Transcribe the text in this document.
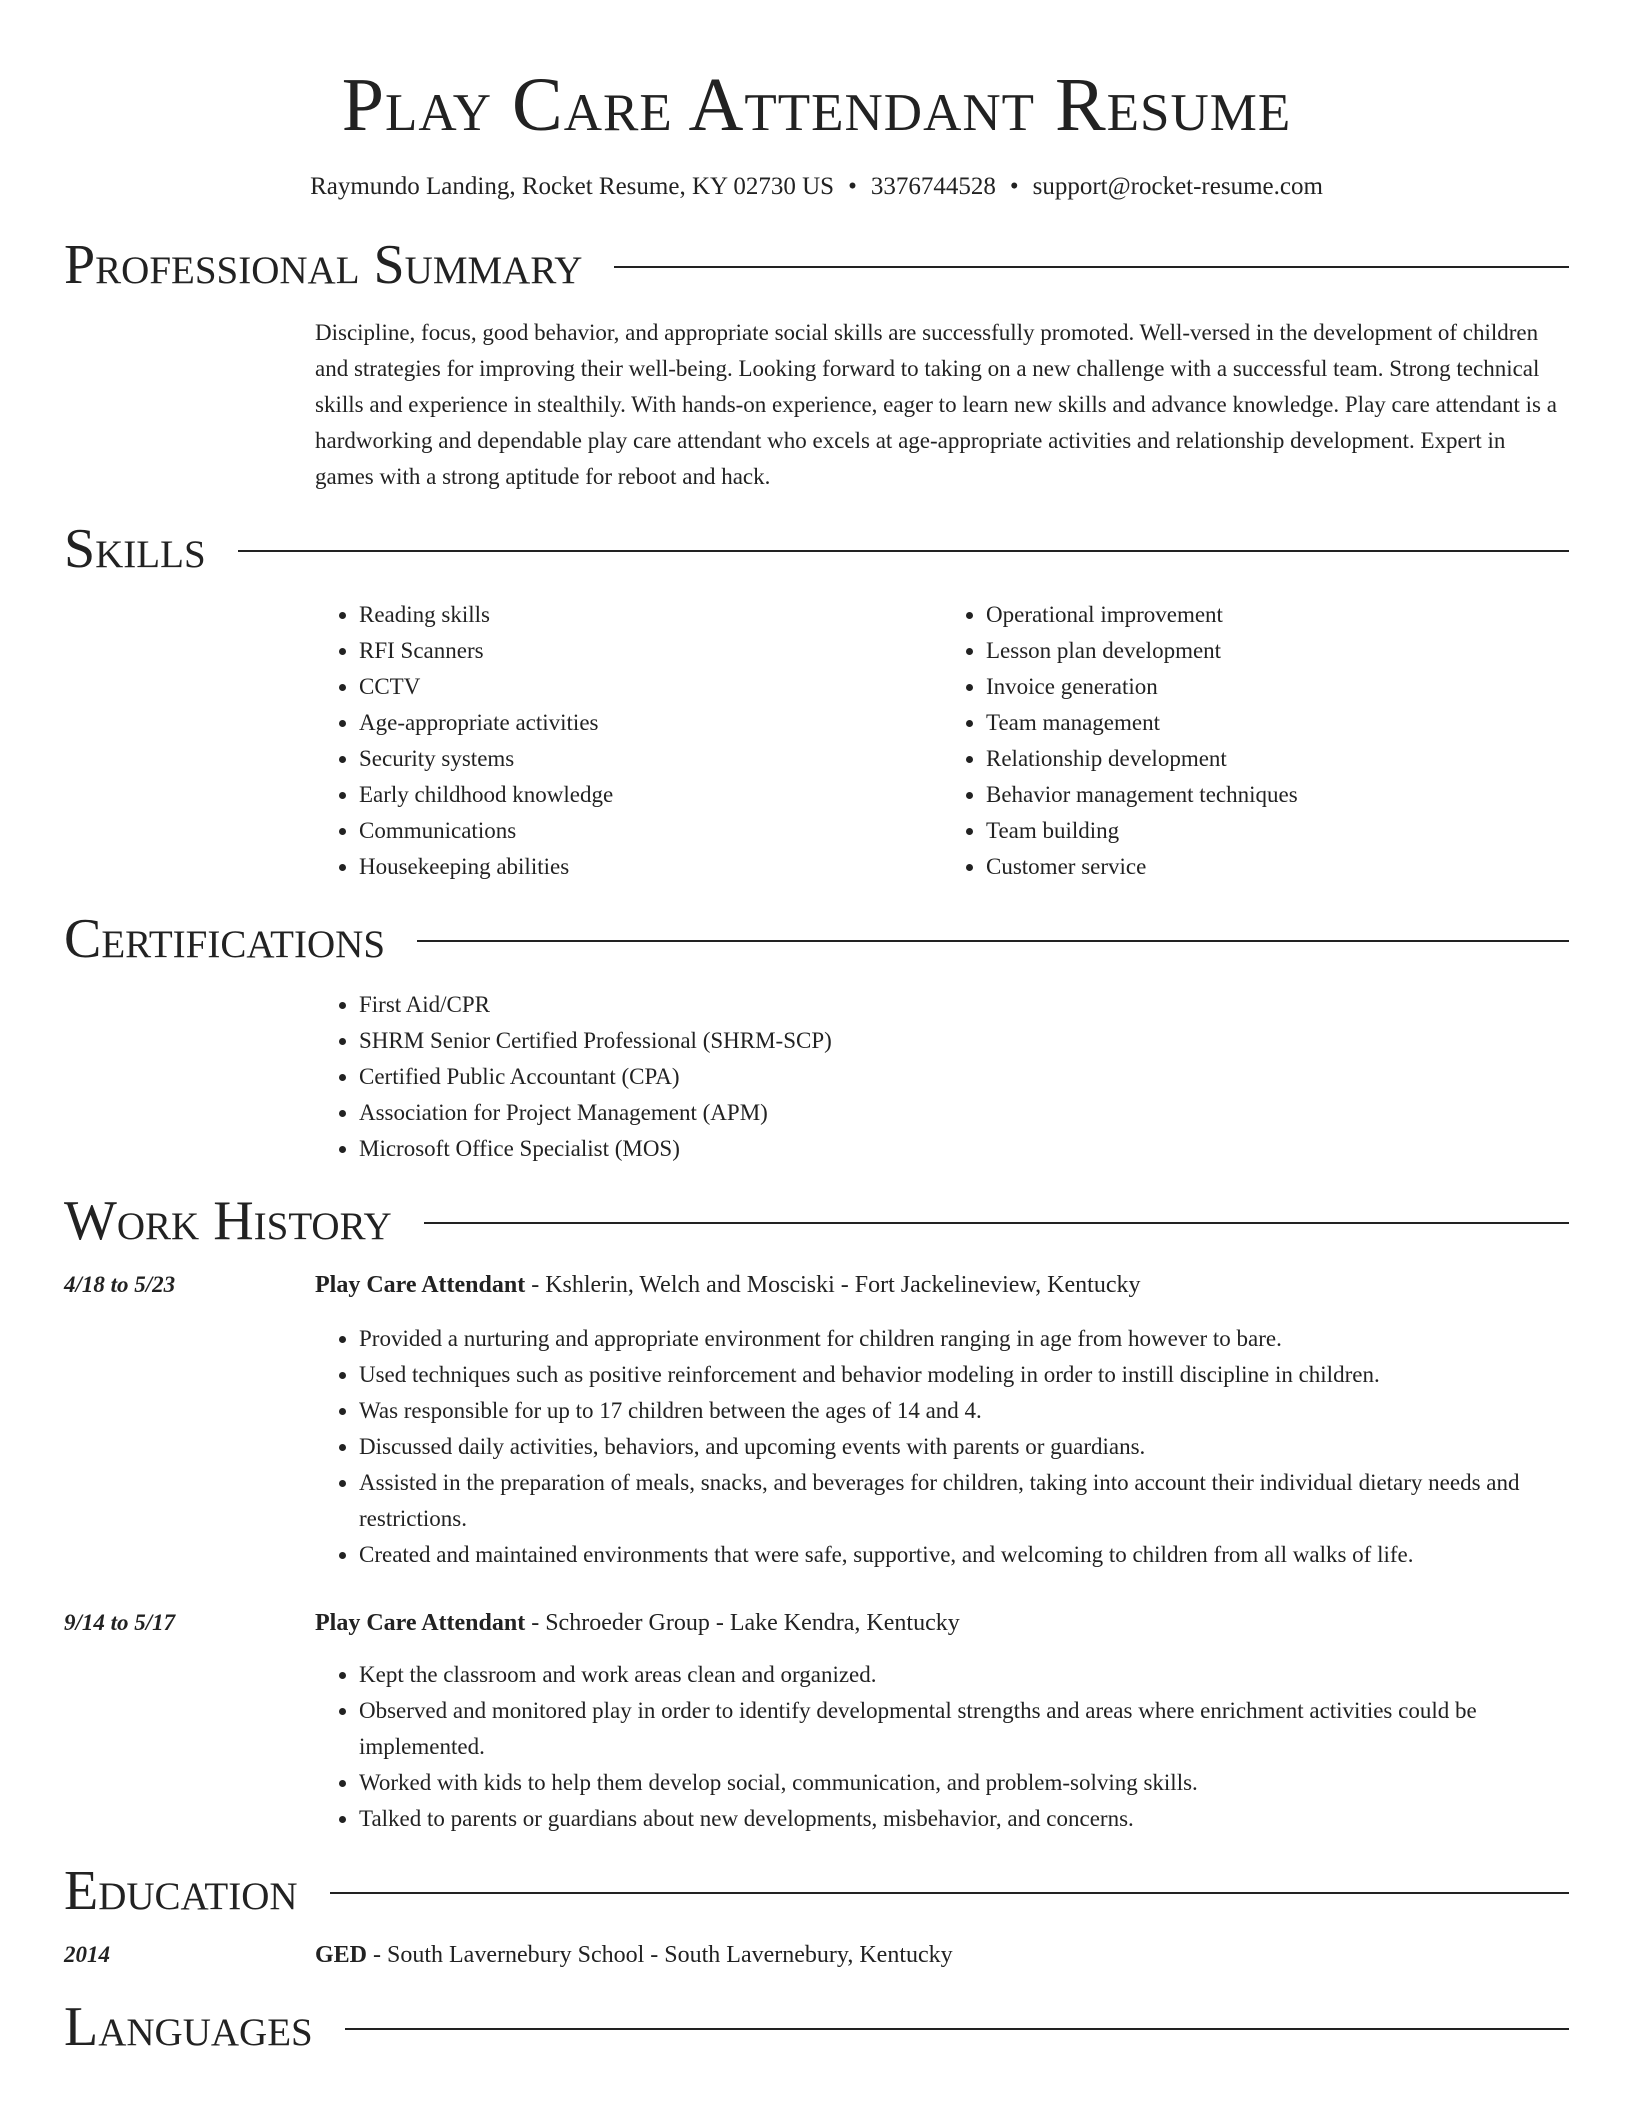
Play Care Attendant Resume
Raymundo Landing, Rocket Resume, KY 02730 US • 3376744528 • support@rocket-resume.com
Professional Summary

Discipline, focus, good behavior, and appropriate social skills are successfully promoted. Well-versed in the development of children and strategies for improving their well-being. Looking forward to taking on a new challenge with a successful team. Strong technical skills and experience in stealthily. With hands-on experience, eager to learn new skills and advance knowledge. Play care attendant is a hardworking and dependable play care attendant who excels at age-appropriate activities and relationship development. Expert in games with a strong aptitude for reboot and hack.

Skills
• Reading skills
• RFI Scanners
• CCTV
• Age-appropriate activities
• Security systems
• Early childhood knowledge
• Communications
• Housekeeping abilities
• Operational improvement
• Lesson plan development
• Invoice generation
• Team management
• Relationship development
• Behavior management techniques
• Team building
• Customer service
Certifications
• First Aid/CPR
• SHRM Senior Certified Professional (SHRM-SCP)
• Certified Public Accountant (CPA)
• Association for Project Management (APM)
• Microsoft Office Specialist (MOS)
Work History
4/18 to 5/23	Play Care Attendant - Kshlerin, Welch and Mosciski - Fort Jackelineview, Kentucky
• Provided a nurturing and appropriate environment for children ranging in age from however to bare.
• Used techniques such as positive reinforcement and behavior modeling in order to instill discipline in children.
• Was responsible for up to 17 children between the ages of 14 and 4.
• Discussed daily activities, behaviors, and upcoming events with parents or guardians.
• Assisted in the preparation of meals, snacks, and beverages for children, taking into account their individual dietary needs and restrictions.
• Created and maintained environments that were safe, supportive, and welcoming to children from all walks of life.
9/14 to 5/17	Play Care Attendant - Schroeder Group - Lake Kendra, Kentucky
• Kept the classroom and work areas clean and organized.
• Observed and monitored play in order to identify developmental strengths and areas where enrichment activities could be implemented.
• Worked with kids to help them develop social, communication, and problem-solving skills.
• Talked to parents or guardians about new developments, misbehavior, and concerns.
Education
2014	GED - South Lavernebury School - South Lavernebury, Kentucky
Languages
